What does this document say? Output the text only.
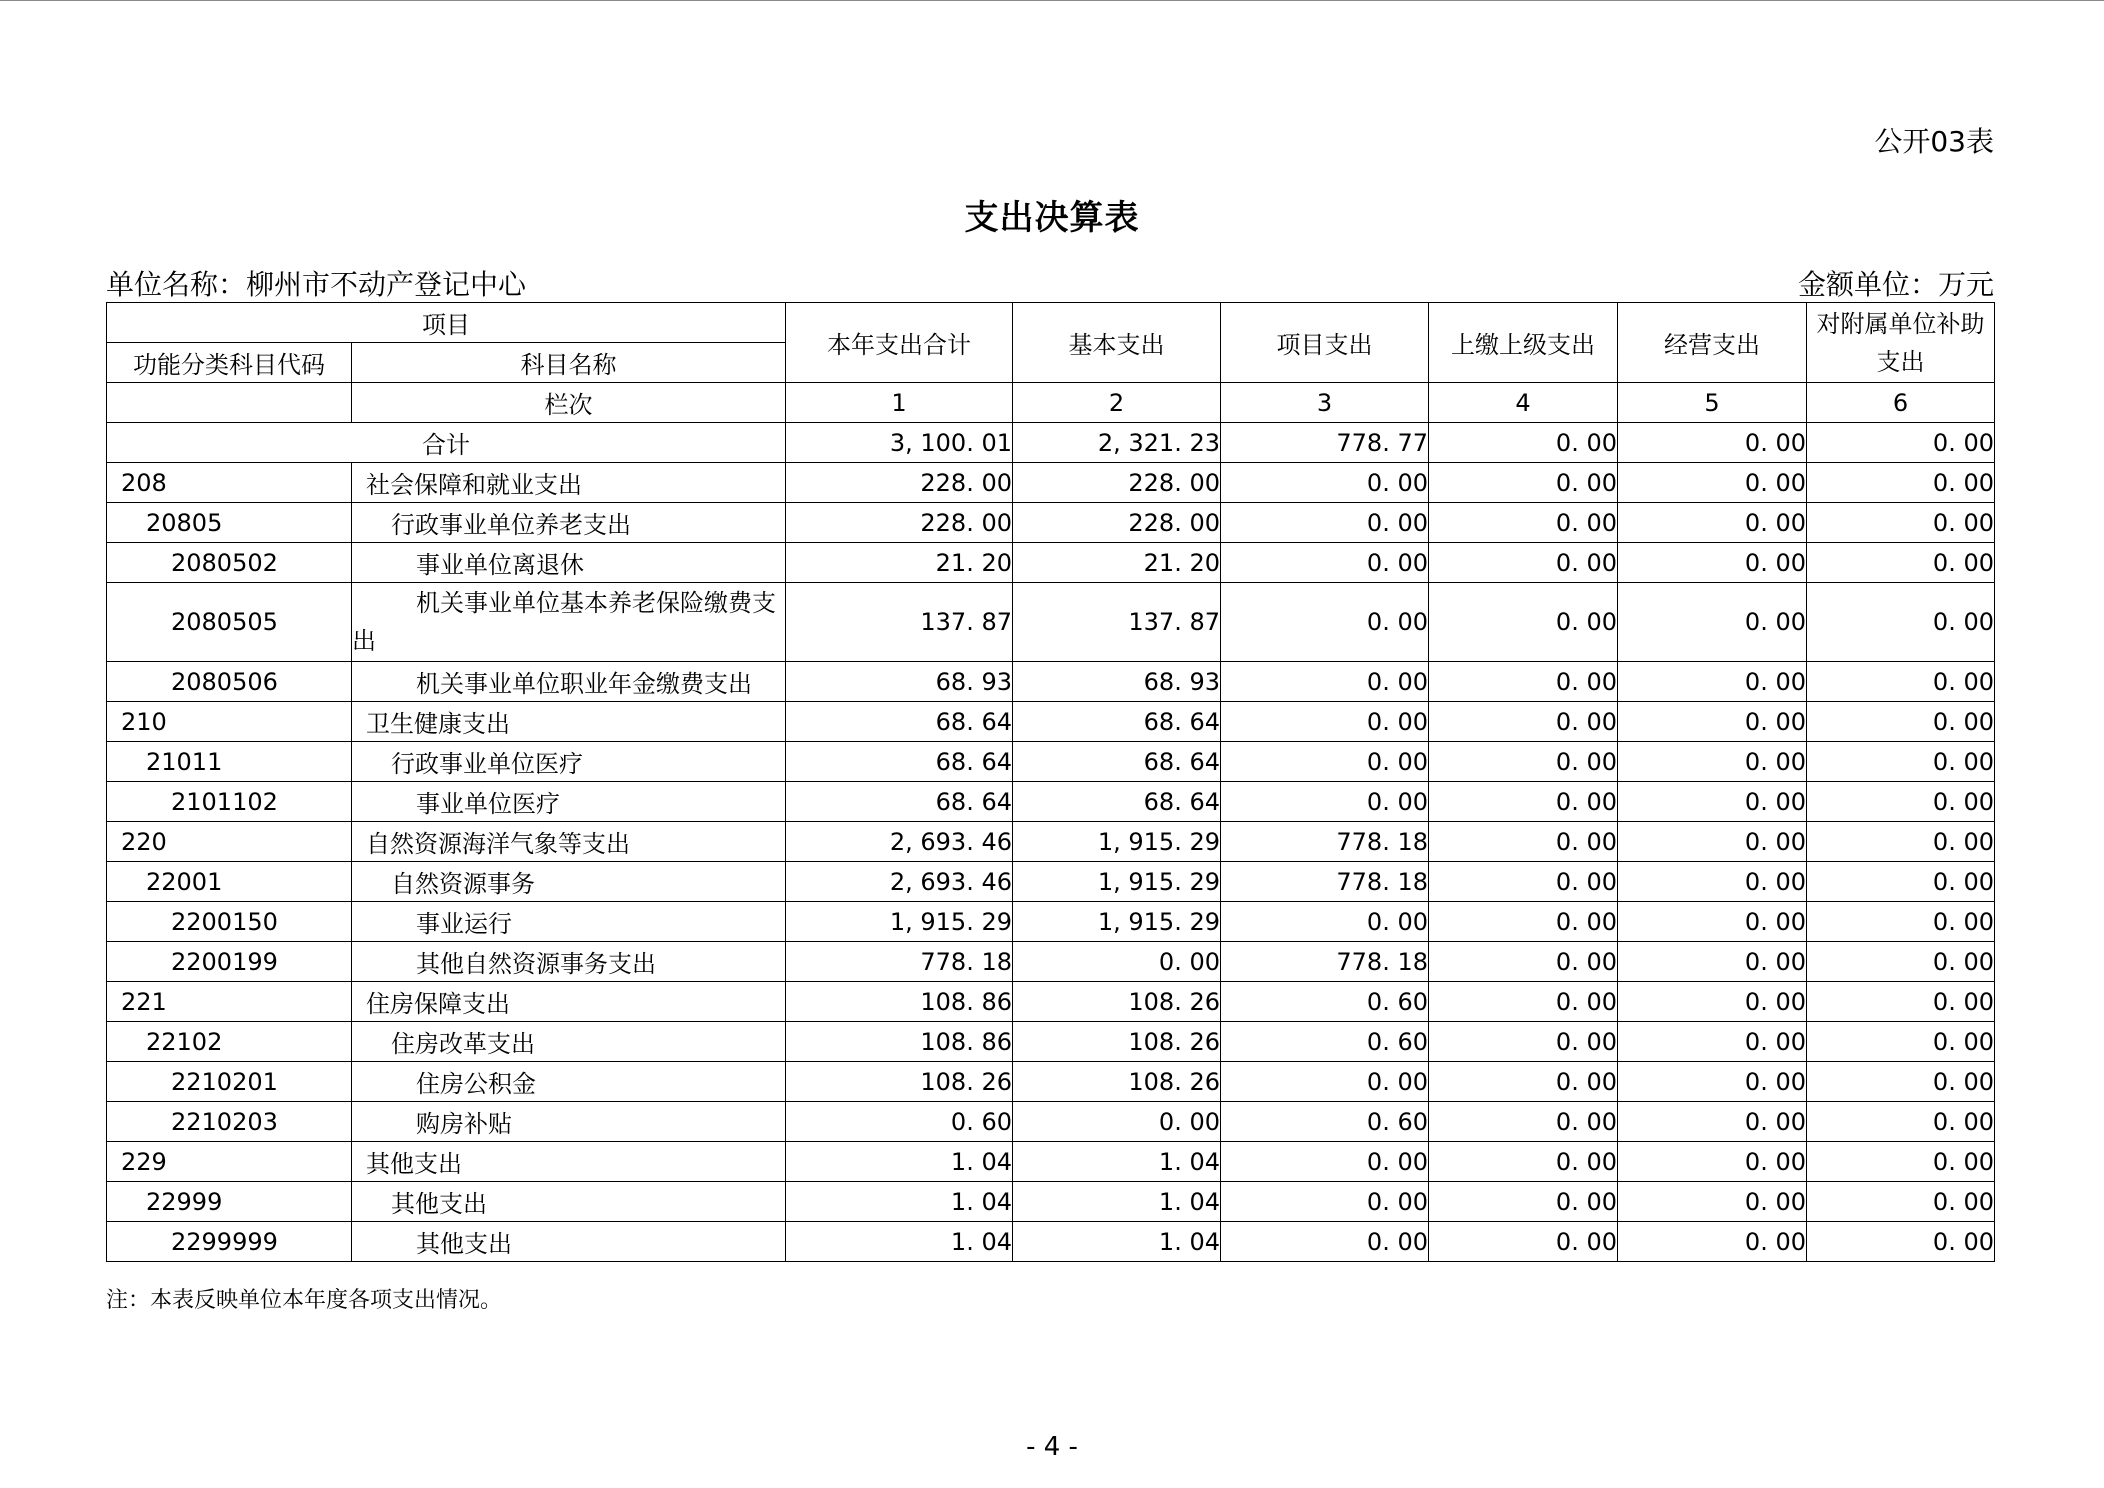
公开03表
支出决算表
单位名称：柳州市不动产登记中心	金额单位：万元
项目		本年支出合计	基本支出	项目支出	上缴上级支出	经营支出	对附属单位补助支出
功能分类科目代码	科目名称						
	栏次	1	2	3	4	5	6
合计		3, 100. 01	2, 321. 23	778. 77	0. 00	0. 00	0. 00
208	社会保障和就业支出	228. 00	228. 00	0. 00	0. 00	0. 00	0. 00
20805	行政事业单位养老支出	228. 00	228. 00	0. 00	0. 00	0. 00	0. 00
2080502	事业单位离退休	21. 20	21. 20	0. 00	0. 00	0. 00	0. 00
2080505	机关事业单位基本养老保险缴费支出	137. 87	137. 87	0. 00	0. 00	0. 00	0. 00
2080506	机关事业单位职业年金缴费支出	68. 93	68. 93	0. 00	0. 00	0. 00	0. 00
210	卫生健康支出	68. 64	68. 64	0. 00	0. 00	0. 00	0. 00
21011	行政事业单位医疗	68. 64	68. 64	0. 00	0. 00	0. 00	0. 00
2101102	事业单位医疗	68. 64	68. 64	0. 00	0. 00	0. 00	0. 00
220	自然资源海洋气象等支出	2, 693. 46	1, 915. 29	778. 18	0. 00	0. 00	0. 00
22001	自然资源事务	2, 693. 46	1, 915. 29	778. 18	0. 00	0. 00	0. 00
2200150	事业运行	1, 915. 29	1, 915. 29	0. 00	0. 00	0. 00	0. 00
2200199	其他自然资源事务支出	778. 18	0. 00	778. 18	0. 00	0. 00	0. 00
221	住房保障支出	108. 86	108. 26	0. 60	0. 00	0. 00	0. 00
22102	住房改革支出	108. 86	108. 26	0. 60	0. 00	0. 00	0. 00
2210201	住房公积金	108. 26	108. 26	0. 00	0. 00	0. 00	0. 00
2210203	购房补贴	0. 60	0. 00	0. 60	0. 00	0. 00	0. 00
229	其他支出	1. 04	1. 04	0. 00	0. 00	0. 00	0. 00
22999	其他支出	1. 04	1. 04	0. 00	0. 00	0. 00	0. 00
2299999	其他支出	1. 04	1. 04	0. 00	0. 00	0. 00	0. 00
注：本表反映单位本年度各项支出情况。
- 4 -
